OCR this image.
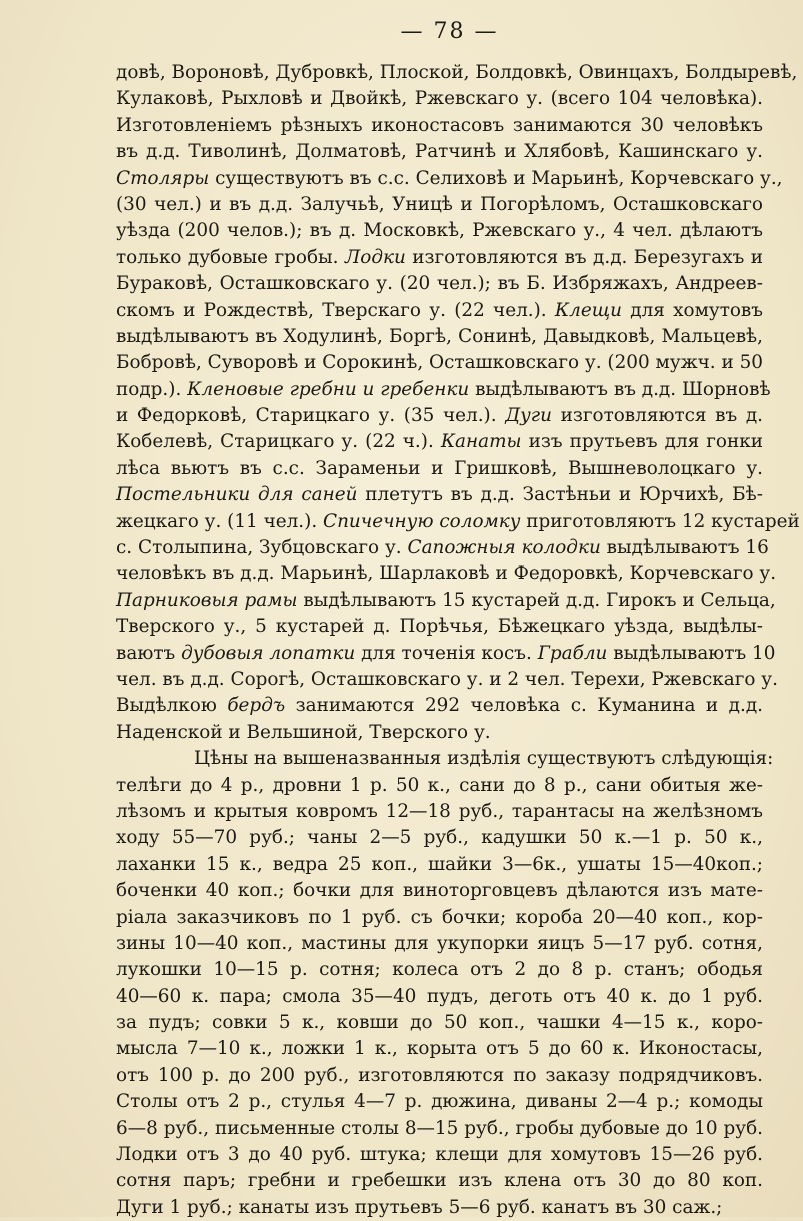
— 78 —
довѣ, Вороновѣ, Дубровкѣ, Плоской, Болдовкѣ, Овинцахъ, Болдыревѣ,
Кулаковѣ, Рыхловѣ и Двойкѣ, Ржевскаго у. (всего 104 человѣка).
Изготовленіемъ рѣзныхъ иконостасовъ занимаются 30 человѣкъ
въ д.д. Тиволинѣ, Долматовѣ, Ратчинѣ и Хлябовѣ, Кашинскаго у.
Столяры существуютъ въ с.с. Селиховѣ и Марьинѣ, Корчевскаго у.,
(30 чел.) и въ д.д. Залучьѣ, Уницѣ и Погорѣломъ, Осташковскаго
уѣзда (200 челов.); въ д. Московкѣ, Ржевскаго у., 4 чел. дѣлаютъ
только дубовые гробы. Лодки изготовляются въ д.д. Березугахъ и
Бураковѣ, Осташковскаго у. (20 чел.); въ Б. Избряжахъ, Андреев-
скомъ и Рождествѣ, Тверскаго у. (22 чел.). Клещи для хомутовъ
выдѣлываютъ въ Ходулинѣ, Боргѣ, Сонинѣ, Давыдковѣ, Мальцевѣ,
Бобровѣ, Суворовѣ и Сорокинѣ, Осташковскаго у. (200 мужч. и 50
подр.). Кленовые гребни и гребенки выдѣлываютъ въ д.д. Шорновѣ
и Федорковѣ, Старицкаго у. (35 чел.). Дуги изготовляются въ д.
Кобелевѣ, Старицкаго у. (22 ч.). Канаты изъ прутьевъ для гонки
лѣса вьютъ въ с.с. Зараменьи и Гришковѣ, Вышневолоцкаго у.
Постельники для саней плетутъ въ д.д. Застѣньи и Юрчихѣ, Бѣ-
жецкаго у. (11 чел.). Спичечную соломку приготовляютъ 12 кустарей
с. Столыпина, Зубцовскаго у. Сапожныя колодки выдѣлываютъ 16
человѣкъ въ д.д. Марьинѣ, Шарлаковѣ и Федоровкѣ, Корчевскаго у.
Парниковыя рамы выдѣлываютъ 15 кустарей д.д. Гирокъ и Сельца,
Тверского у., 5 кустарей д. Порѣчья, Бѣжецкаго уѣзда, выдѣлы-
ваютъ дубовыя лопатки для точенія косъ. Грабли выдѣлываютъ 10
чел. въ д.д. Сорогѣ, Осташковскаго у. и 2 чел. Терехи, Ржевскаго у.
Выдѣлкою бердъ занимаются 292 человѣка с. Куманина и д.д.
Наденской и Вельшиной, Тверского у.
Цѣны на вышеназванныя издѣлія существуютъ слѣдующія:
телѣги до 4 р., дровни 1 р. 50 к., сани до 8 р., сани обитыя же-
лѣзомъ и крытыя ковромъ 12—18 руб., тарантасы на желѣзномъ
ходу 55—70 руб.; чаны 2—5 руб., кадушки 50 к.—1 р. 50 к.,
лаханки 15 к., ведра 25 коп., шайки 3—6к., ушаты 15—40коп.;
боченки 40 коп.; бочки для виноторговцевъ дѣлаются изъ мате-
ріала заказчиковъ по 1 руб. съ бочки; короба 20—40 коп., кор-
зины 10—40 коп., мастины для укупорки яицъ 5—17 руб. сотня,
лукошки 10—15 р. сотня; колеса отъ 2 до 8 р. станъ; ободья
40—60 к. пара; смола 35—40 пудъ, деготь отъ 40 к. до 1 руб.
за пудъ; совки 5 к., ковши до 50 коп., чашки 4—15 к., коро-
мысла 7—10 к., ложки 1 к., корыта отъ 5 до 60 к. Иконостасы,
отъ 100 р. до 200 руб., изготовляются по заказу подрядчиковъ.
Столы отъ 2 р., стулья 4—7 р. дюжина, диваны 2—4 р.; комоды
6—8 руб., письменные столы 8—15 руб., гробы дубовые до 10 руб.
Лодки отъ 3 до 40 руб. штука; клещи для хомутовъ 15—26 руб.
сотня паръ; гребни и гребешки изъ клена отъ 30 до 80 коп.
Дуги 1 руб.; канаты изъ прутьевъ 5—6 руб. канатъ въ 30 саж.;
